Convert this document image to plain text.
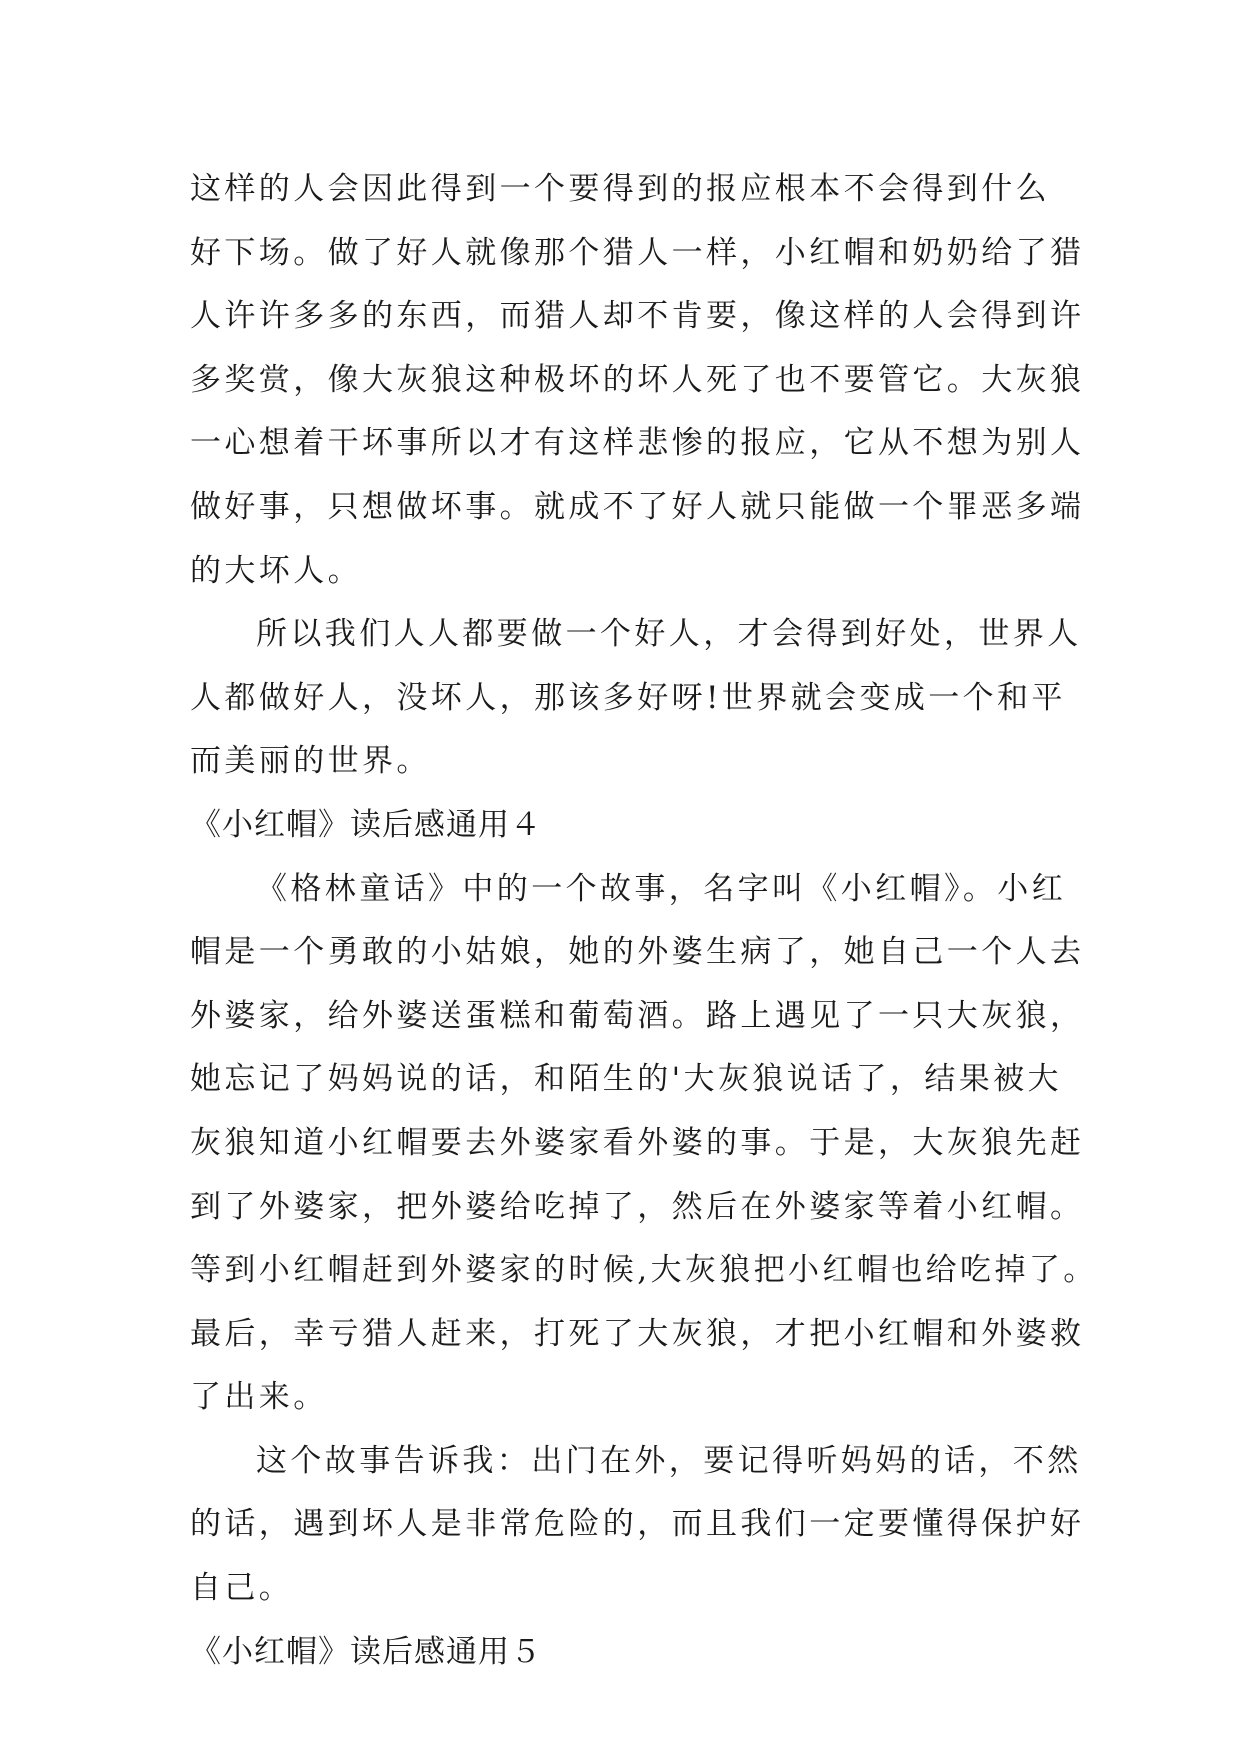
这样的人会因此得到一个要得到的报应根本不会得到什么
好下场。做了好人就像那个猎人一样，小红帽和奶奶给了猎
人许许多多的东西，而猎人却不肯要，像这样的人会得到许
多奖赏，像大灰狼这种极坏的坏人死了也不要管它。大灰狼
一心想着干坏事所以才有这样悲惨的报应，它从不想为别人
做好事，只想做坏事。就成不了好人就只能做一个罪恶多端
的大坏人。
所以我们人人都要做一个好人，才会得到好处，世界人
人都做好人，没坏人，那该多好呀!世界就会变成一个和平
而美丽的世界。
《小红帽》读后感通用４
《格林童话》中的一个故事，名字叫《小红帽》。小红
帽是一个勇敢的小姑娘，她的外婆生病了，她自己一个人去
外婆家，给外婆送蛋糕和葡萄酒。路上遇见了一只大灰狼，
她忘记了妈妈说的话，和陌生的'大灰狼说话了，结果被大
灰狼知道小红帽要去外婆家看外婆的事。于是，大灰狼先赶
到了外婆家，把外婆给吃掉了，然后在外婆家等着小红帽。
等到小红帽赶到外婆家的时候,大灰狼把小红帽也给吃掉了。
最后，幸亏猎人赶来，打死了大灰狼，才把小红帽和外婆救
了出来。
这个故事告诉我：出门在外，要记得听妈妈的话，不然
的话，遇到坏人是非常危险的，而且我们一定要懂得保护好
自己。
《小红帽》读后感通用５
